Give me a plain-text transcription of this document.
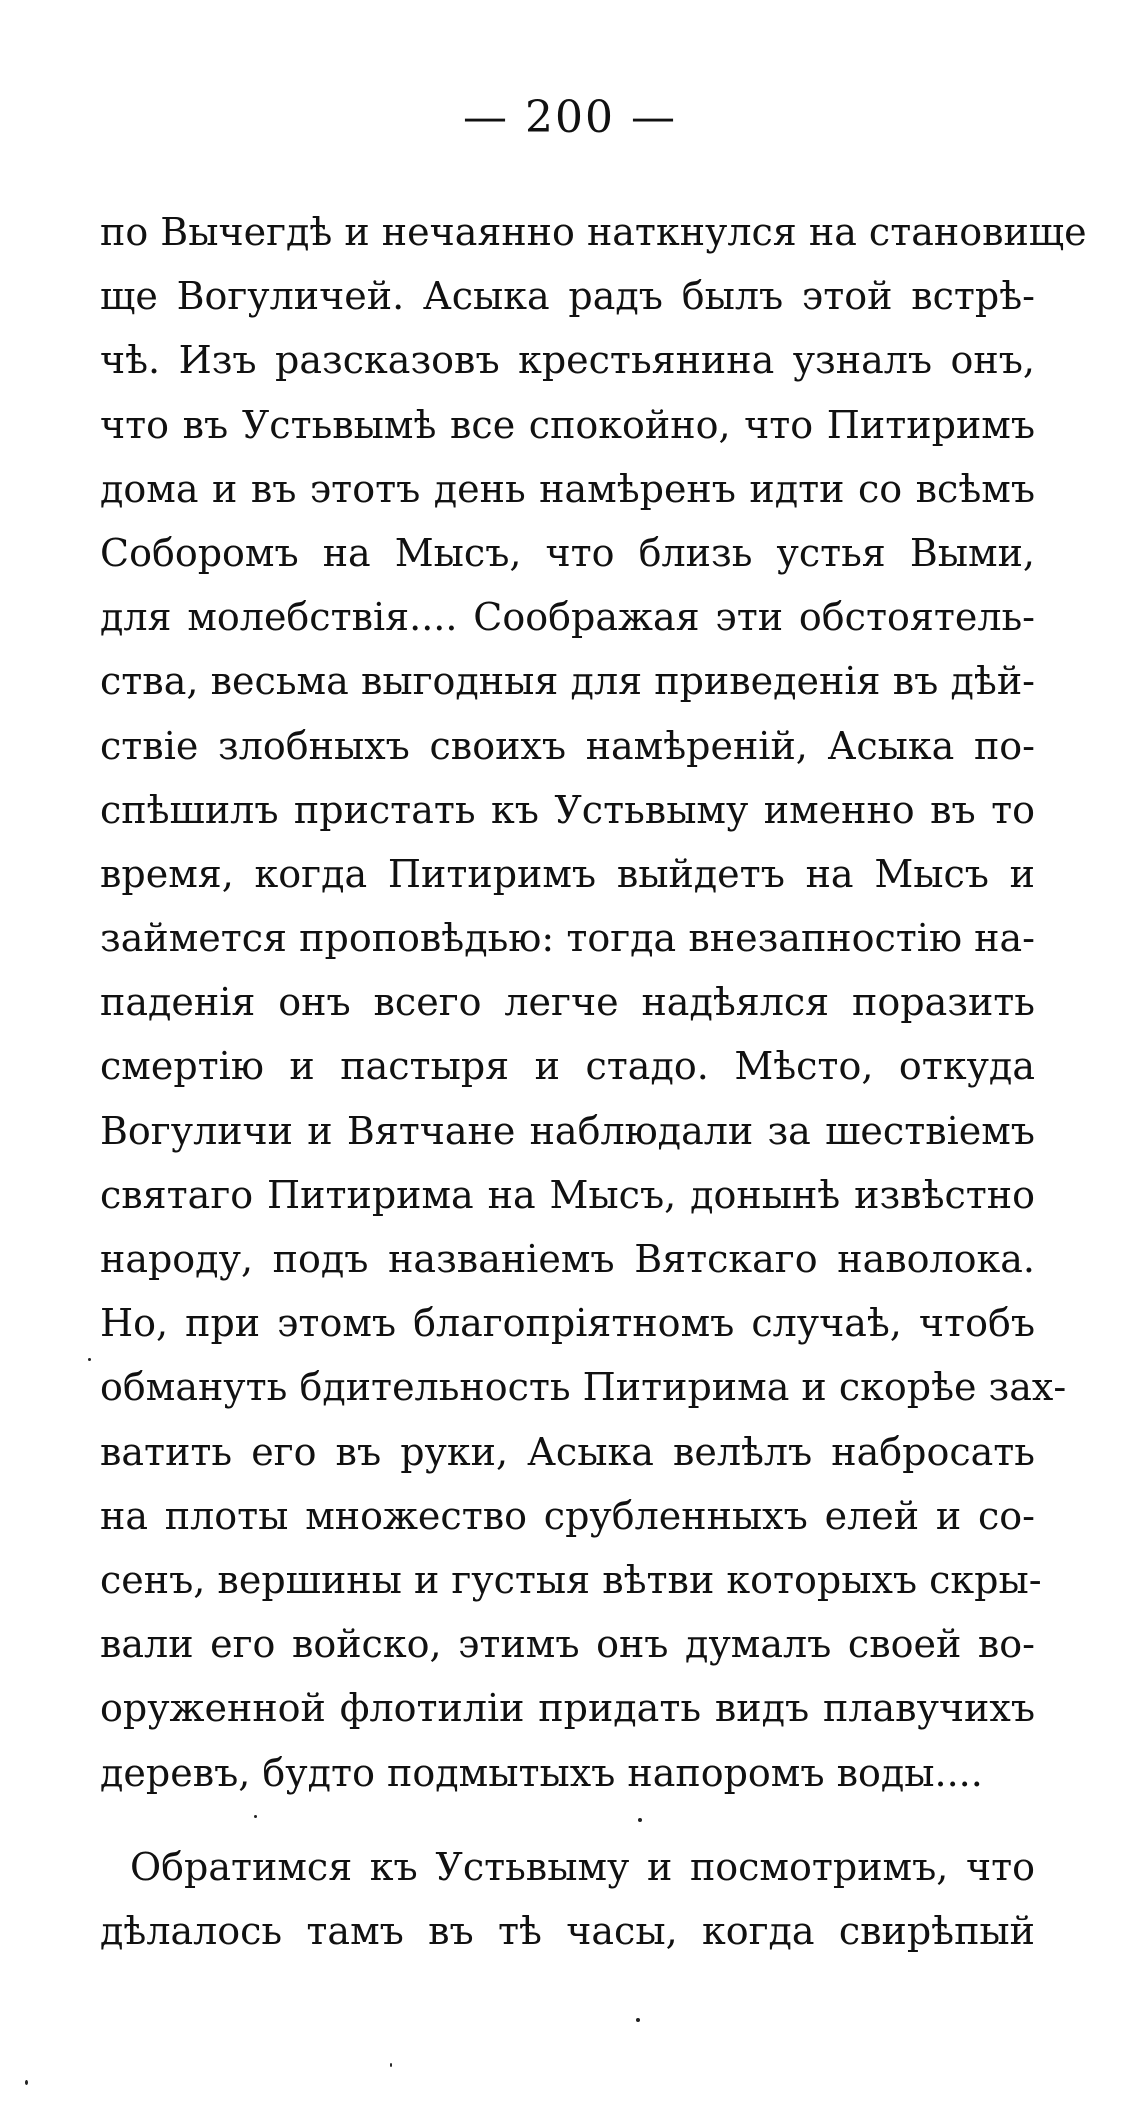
— 200 —
по Вычегдѣ и нечаянно наткнулся на становище
ще Вогуличей. Асыка радъ былъ этой встрѣ-
чѣ. Изъ разсказовъ крестьянина узналъ онъ,
что въ Устьвымѣ все спокойно, что Питиримъ
дома и въ этотъ день намѣренъ идти со всѣмъ
Соборомъ на Мысъ, что близь устья Выми,
для молебствія.... Соображая эти обстоятель-
ства, весьма выгодныя для приведенія въ дѣй-
ствіе злобныхъ своихъ намѣреній, Асыка по-
спѣшилъ пристать къ Устьвыму именно въ то
время, когда Питиримъ выйдетъ на Мысъ и
займется проповѣдью: тогда внезапностію на-
паденія онъ всего легче надѣялся поразить
смертію и пастыря и стадо. Мѣсто, откуда
Вогуличи и Вятчане наблюдали за шествіемъ
святаго Питирима на Мысъ, донынѣ извѣстно
народу, подъ названіемъ Вятскаго наволока.
Но, при этомъ благопріятномъ случаѣ, чтобъ
обмануть бдительность Питирима и скорѣе зах-
ватить его въ руки, Асыка велѣлъ набросать
на плоты множество срубленныхъ елей и со-
сенъ, вершины и густыя вѣтви которыхъ скры-
вали его войско, этимъ онъ думалъ своей во-
оруженной флотиліи придать видъ плавучихъ
деревъ, будто подмытыхъ напоромъ воды....
Обратимся къ Устьвыму и посмотримъ, что
дѣлалось тамъ въ тѣ часы, когда свирѣпый
